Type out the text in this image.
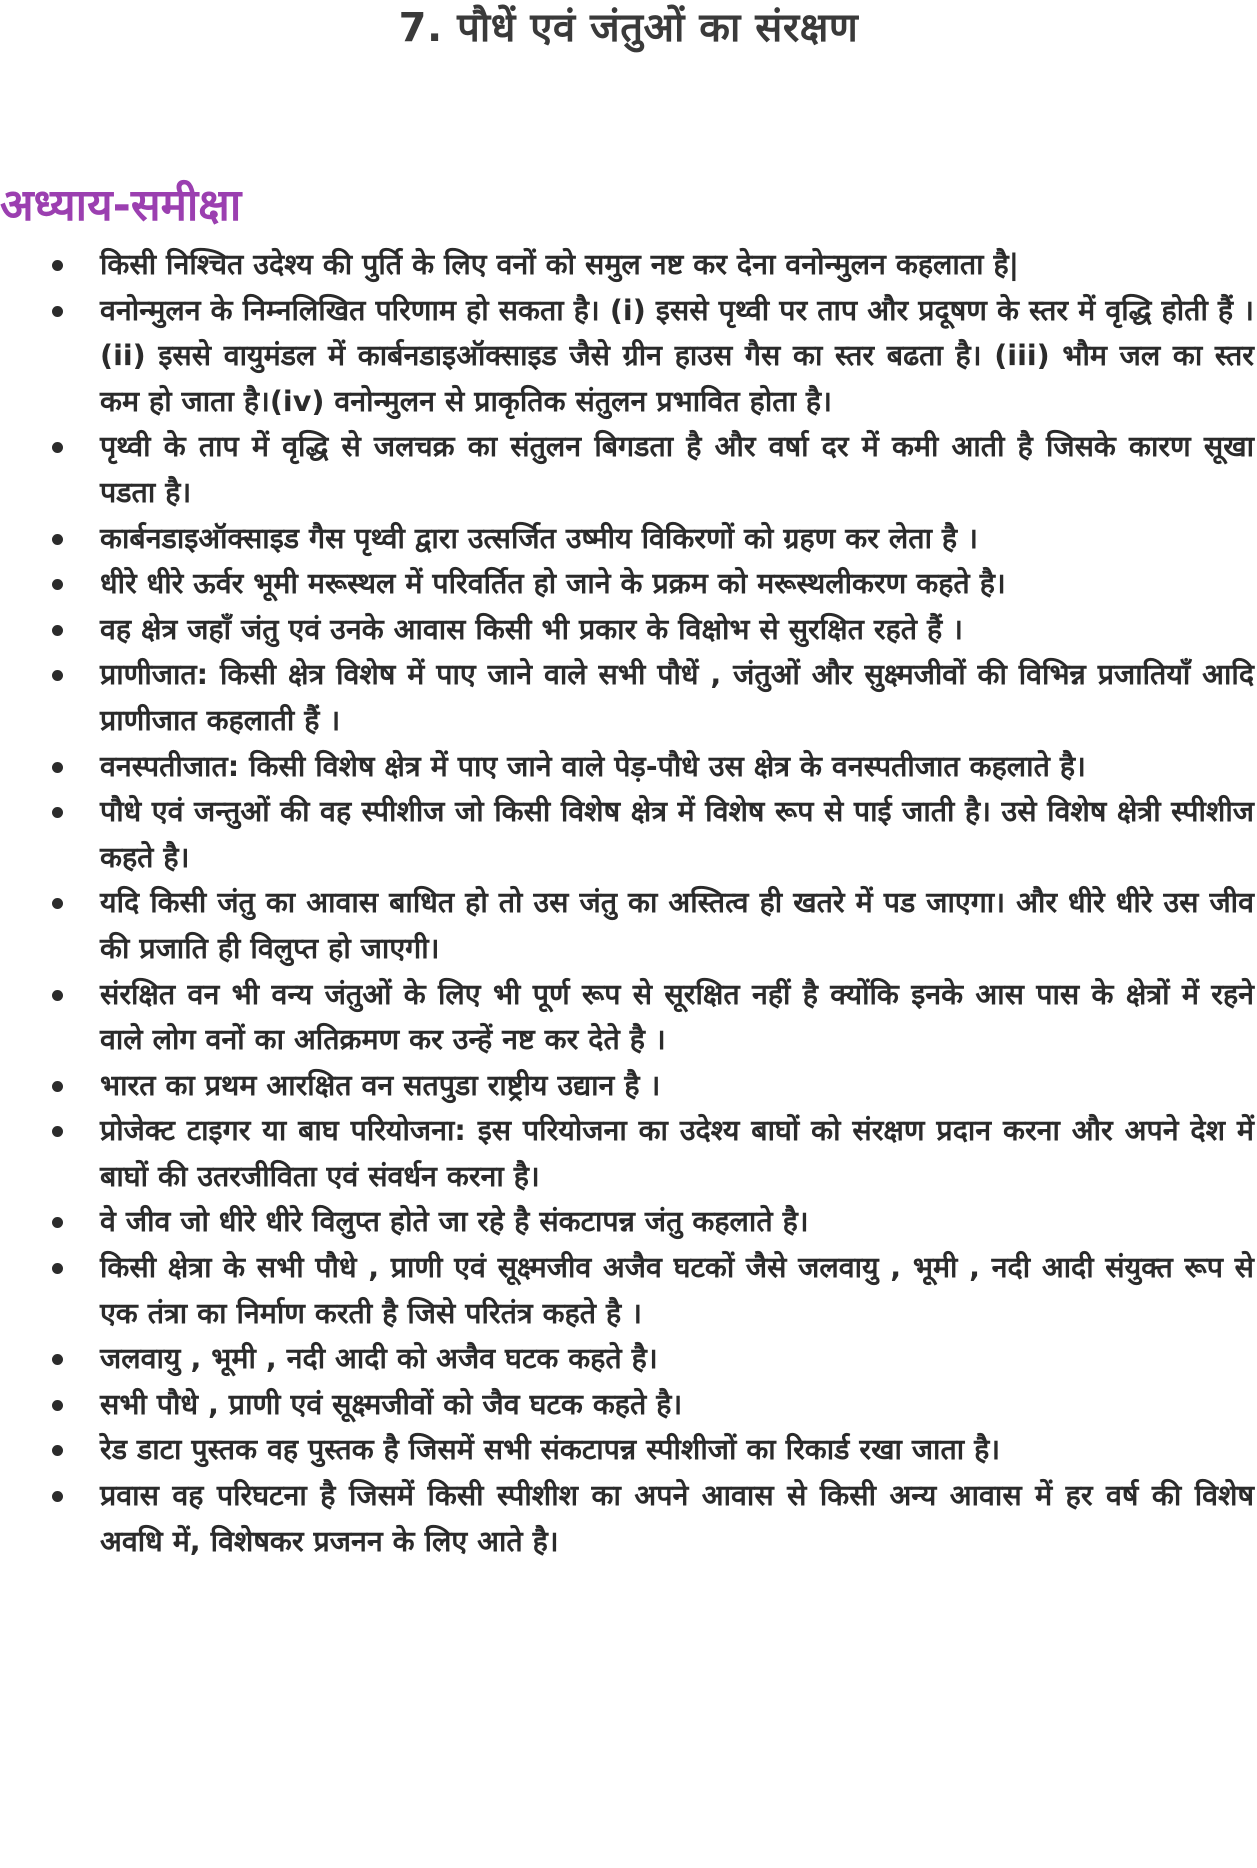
7. पौधें एवं जंतुओं का संरक्षण
अध्याय-समीक्षा
किसी निश्चित उदेश्य की पुर्ति के लिए वनों को समुल नष्ट कर देना वनोन्मुलन कहलाता है|
वनोन्मुलन के निम्नलिखित परिणाम हो सकता है। (i) इससे पृथ्वी पर ताप और प्रदूषण के स्तर में वृद्धि होती हैं । (ii) इससे वायुमंडल में कार्बनडाइऑक्साइड जैसे ग्रीन हाउस गैस का स्तर बढता है। (iii) भौम जल का स्तर कम हो जाता है।(iv) वनोन्मुलन से प्राकृतिक संतुलन प्रभावित होता है।
पृथ्वी के ताप में वृद्धि से जलचक्र का संतुलन बिगडता है और वर्षा दर में कमी आती है जिसके कारण सूखा पडता है।
कार्बनडाइऑक्साइड गैस पृथ्वी द्वारा उत्सर्जित उष्मीय विकिरणों को ग्रहण कर लेता है ।
धीरे धीरे ऊर्वर भूमी मरूस्थल में परिवर्तित हो जाने के प्रक्रम को मरूस्थलीकरण कहते है।
वह क्षेत्र जहाँ जंतु एवं उनके आवास किसी भी प्रकार के विक्षोभ से सुरक्षित रहते हैं ।
प्राणीजात: किसी क्षेत्र विशेष में पाए जाने वाले सभी पौधें , जंतुओं और सुक्ष्मजीवों की विभिन्न प्रजातियाँ आदि प्राणीजात कहलाती हैं ।
वनस्पतीजात: किसी विशेष क्षेत्र में पाए जाने वाले पेड़-पौधे उस क्षेत्र के वनस्पतीजात कहलाते है।
पौधे एवं जन्तुओं की वह स्पीशीज जो किसी विशेष क्षेत्र में विशेष रूप से पाई जाती है। उसे विशेष क्षेत्री स्पीशीज कहते है।
यदि किसी जंतु का आवास बाधित हो तो उस जंतु का अस्तित्व ही खतरे में पड जाएगा। और धीरे धीरे उस जीव की प्रजाति ही विलुप्त हो जाएगी।
संरक्षित वन भी वन्य जंतुओं के लिए भी पूर्ण रूप से सूरक्षित नहीं है क्योंकि इनके आस पास के क्षेत्रों में रहने वाले लोग वनों का अतिक्रमण कर उन्हें नष्ट कर देते है ।
भारत का प्रथम आरक्षित वन सतपुडा राष्ट्रीय उद्यान है ।
प्रोजेक्ट टाइगर या बाघ परियोजना: इस परियोजना का उदेश्य बाघों को संरक्षण प्रदान करना और अपने देश में बाघों की उतरजीविता एवं संवर्धन करना है।
वे जीव जो धीरे धीरे विलुप्त होते जा रहे है संकटापन्न जंतु कहलाते है।
किसी क्षेत्रा के सभी पौधे , प्राणी एवं सूक्ष्मजीव अजैव घटकों जैसे जलवायु , भूमी , नदी आदी संयुक्त रूप से एक तंत्रा का निर्माण करती है जिसे परितंत्र कहते है ।
जलवायु , भूमी , नदी आदी को अजैव घटक कहते है।
सभी पौधे , प्राणी एवं सूक्ष्मजीवों को जैव घटक कहते है।
रेड डाटा पुस्तक वह पुस्तक है जिसमें सभी संकटापन्न स्पीशीजों का रिकार्ड रखा जाता है।
प्रवास वह परिघटना है जिसमें किसी स्पीशीश का अपने आवास से किसी अन्य आवास में हर वर्ष की विशेष अवधि में, विशेषकर प्रजनन के लिए आते है।
